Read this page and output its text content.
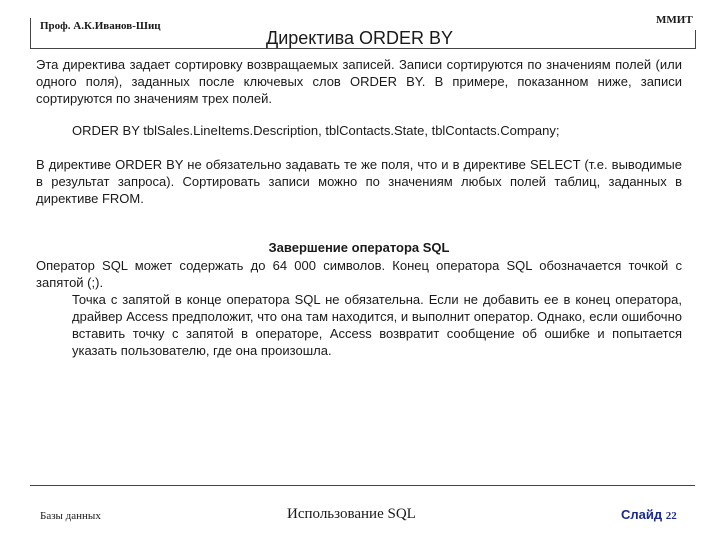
Проф. А.К.Иванов-Шиц
Директива ORDER BY
ММИТ
Эта директива задает сортировку возвращаемых записей. Записи сортируются по значениям полей (или одного поля), заданных после ключевых слов ORDER BY. В примере, показанном ниже, записи сортируются по значениям трех полей.
ORDER BY tblSales.LineItems.Description, tblContacts.State, tblContacts.Company;
В директиве ORDER BY не обязательно задавать те же поля, что и в директиве SELECT (т.е. выводимые в результат запроса). Сортировать записи можно по значениям любых полей таблиц, заданных в директиве FROM.
Завершение оператора SQL
Оператор SQL может содержать до 64 000 символов. Конец оператора SQL обозначается точкой с запятой (;).
Точка с запятой в конце оператора SQL не обязательна. Если не добавить ее в конец оператора, драйвер Access предположит, что она там находится, и выполнит оператор. Однако, если ошибочно вставить точку с запятой в операторе, Access возвратит сообщение об ошибке и попытается указать пользователю, где она произошла.
Базы данных	Использование SQL	Слайд 22
